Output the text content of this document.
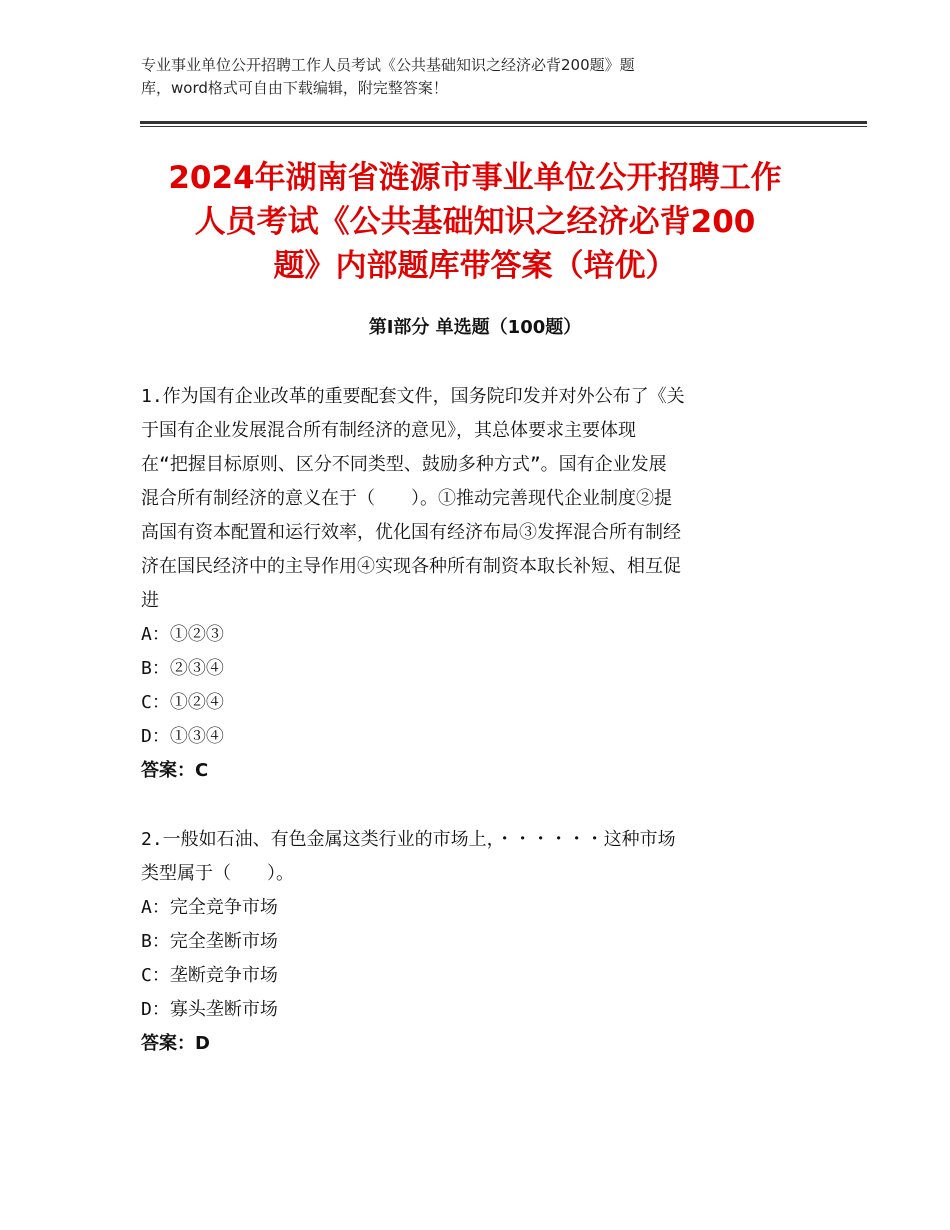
专业事业单位公开招聘工作人员考试《公共基础知识之经济必背200题》题
库，word格式可自由下载编辑，附完整答案！
2024年湖南省涟源市事业单位公开招聘工作
人员考试《公共基础知识之经济必背200
题》内部题库带答案（培优）
第Ⅰ部分 单选题（100题）

1.作为国有企业改革的重要配套文件，国务院印发并对外公布了《关

于国有企业发展混合所有制经济的意见》，其总体要求主要体现

在“把握目标原则、区分不同类型、鼓励多种方式”。国有企业发展

混合所有制经济的意义在于（　　）。①推动完善现代企业制度②提

高国有资本配置和运行效率，优化国有经济布局③发挥混合所有制经

济在国民经济中的主导作用④实现各种所有制资本取长补短、相互促

进

A：①②③

B：②③④

C：①②④

D：①③④

答案：C

2.一般如石油、有色金属这类行业的市场上，・・・・・・这种市场

类型属于（　　）。

A：完全竞争市场

B：完全垄断市场

C：垄断竞争市场

D：寡头垄断市场

答案：D
